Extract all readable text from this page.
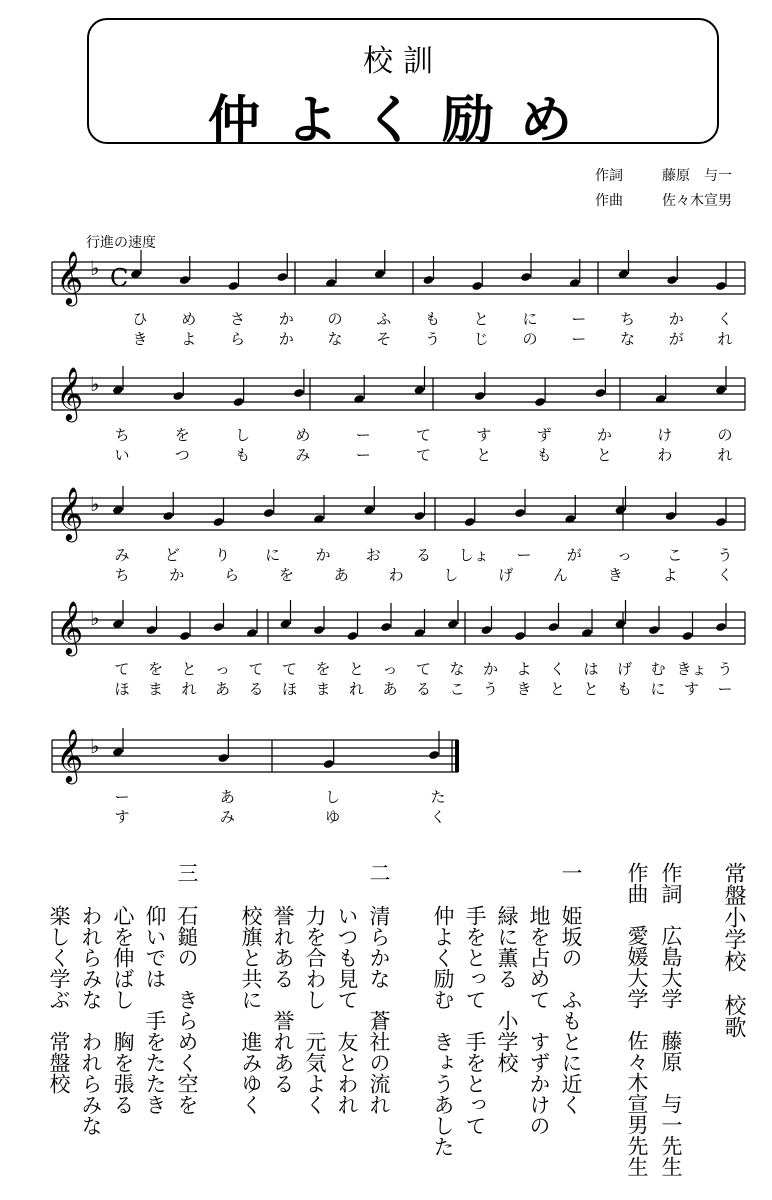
校訓
仲よく励め
作詞	藤原　与一
作曲	佐々木宣男
行進の速度
𝄞 ♭ C
ひ め さ か の ふ も と に ー ち か く
き よ ら か な そ う じ の ー な が れ
𝄞 ♭
ち	を	し	め	ー	て	す	ず	か	け	の
い	つ	も	み	ー	て	と	も	と	わ	れ
𝄞 ♭
み ど り に か お る しょ ー が っ こ う
ち	か	ら	を	あ	わ	し	げ	ん	き	よ	く
𝄞 ♭
て を と っ て て を と っ て な か よ く は げ む きょ う
ほ ま れ あ る ほ ま れ あ る こ う き と と も に す ー
𝄞 ♭
ー	あ	し	た
す	み	ゆ	く
常盤小学校　校歌
作詞　広島大学　藤原　与一先生
作曲　愛媛大学　佐々木宣男先生
一
姫坂の　ふもとに近く
地を占めて　すずかけの
緑に薫る　小学校
手をとって　手をとって
仲よく励む　きょうあした
二
清らかな　蒼社の流れ
いつも見て　友とわれ
力を合わし　元気よく
誉れある　誉れある
校旗と共に　進みゆく
三
石鎚の　きらめく空を
仰いでは　手をたたき
心を伸ばし　胸を張る
われらみな　われらみな
楽しく学ぶ　常盤校
